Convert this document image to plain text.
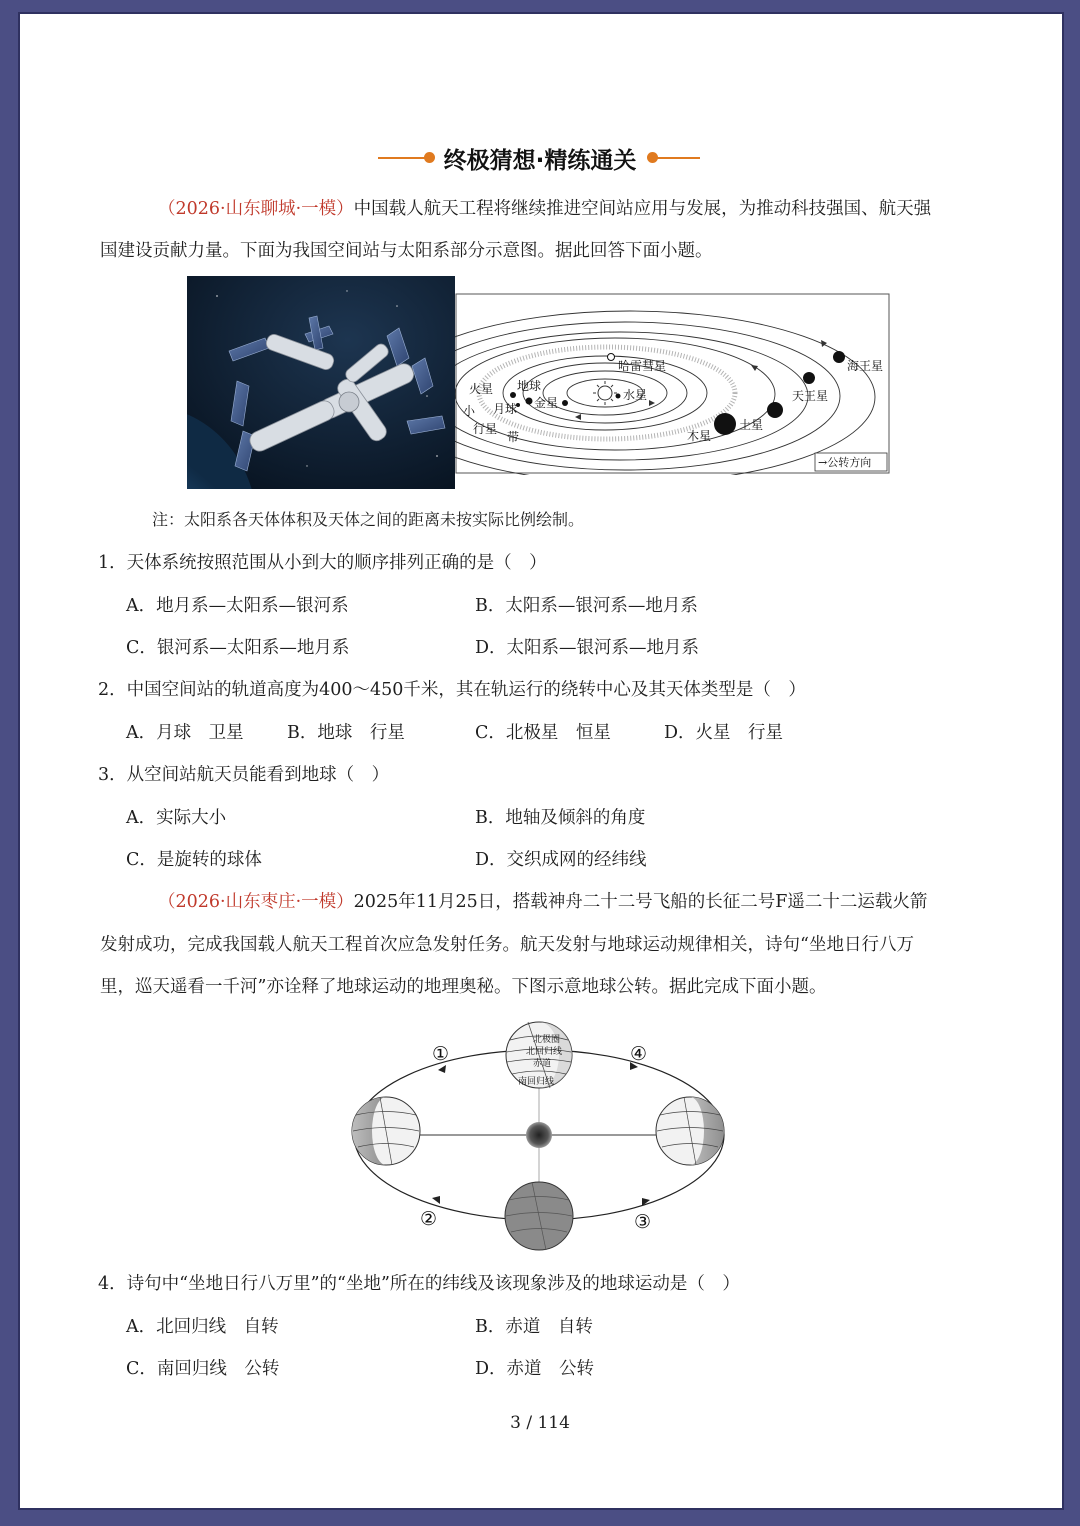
终极猜想·精练通关
（2026·山东聊城·一模）中国载人航天工程将继续推进空间站应用与发展，为推动科技强国、航天强
国建设贡献力量。下面为我国空间站与太阳系部分示意图。据此回答下面小题。
哈雷彗星
水星
金星
地球
月球
火星
小
行星
带	木星
土星
天王星
海王星
→公转方向
注：太阳系各天体体积及天体之间的距离未按实际比例绘制。
1．天体系统按照范围从小到大的顺序排列正确的是（　）
A．地月系—太阳系—银河系	B．太阳系—银河系—地月系
C．银河系—太阳系—地月系	D．太阳系—银河系—地月系
2．中国空间站的轨道高度为400～450千米，其在轨运行的绕转中心及其天体类型是（　）
A．月球　卫星 B．地球　行星	C．北极星　恒星	D．火星　行星
3．从空间站航天员能看到地球（　）
A．实际大小	B．地轴及倾斜的角度
C．是旋转的球体	D．交织成网的经纬线
（2026·山东枣庄·一模）2025年11月25日，搭载神舟二十二号飞船的长征二号F遥二十二运载火箭
发射成功，完成我国载人航天工程首次应急发射任务。航天发射与地球运动规律相关，诗句“坐地日行八万
里，巡天遥看一千河”亦诠释了地球运动的地理奥秘。下图示意地球公转。据此完成下面小题。
北极圈
北回归线
赤道
南回归线
①
②	③
④
4．诗句中“坐地日行八万里”的“坐地”所在的纬线及该现象涉及的地球运动是（　）
A．北回归线　自转	B．赤道　自转
C．南回归线　公转	D．赤道　公转
3 / 114
